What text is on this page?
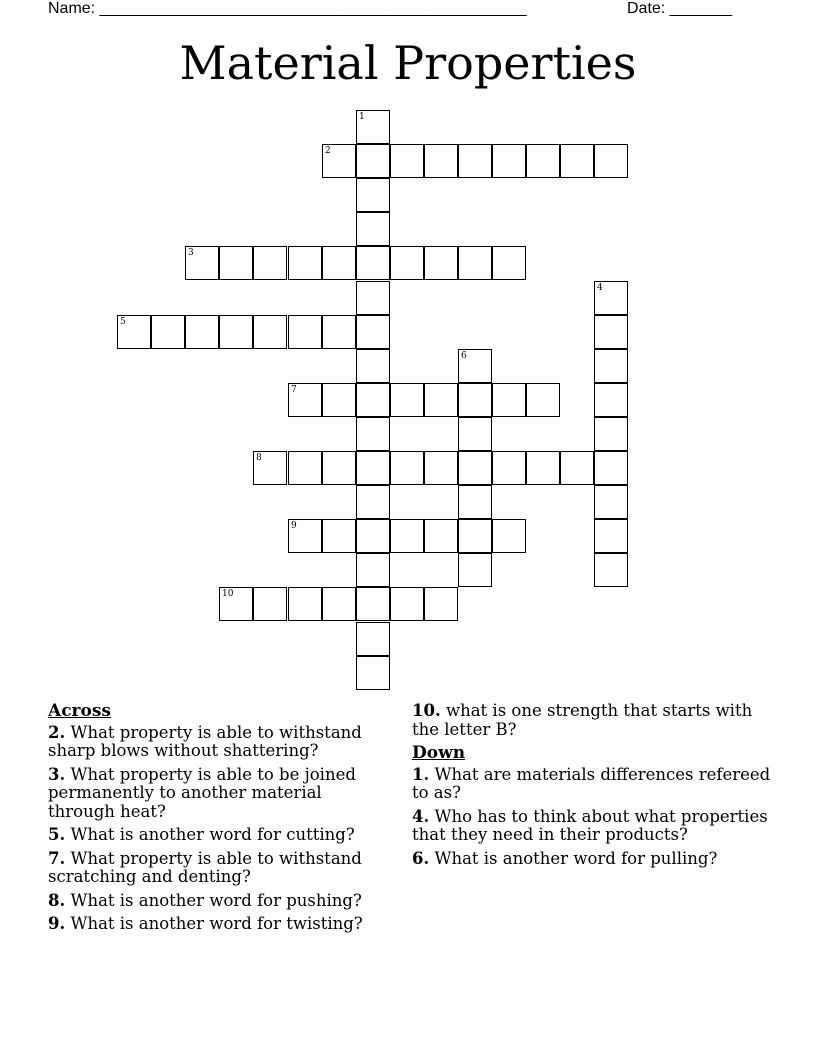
Name: ________________________________________________	Date: _______
Material Properties
1
2
3
4
5
6
7
8
9
10
Across
2. What property is able to withstand sharp blows without shattering?
3. What property is able to be joined permanently to another material through heat?
5. What is another word for cutting?
7. What property is able to withstand scratching and denting?
8. What is another word for pushing?
9. What is another word for twisting?
10. what is one strength that starts with the letter B?
Down
1. What are materials differences refereed to as?
4. Who has to think about what properties that they need in their products?
6. What is another word for pulling?
